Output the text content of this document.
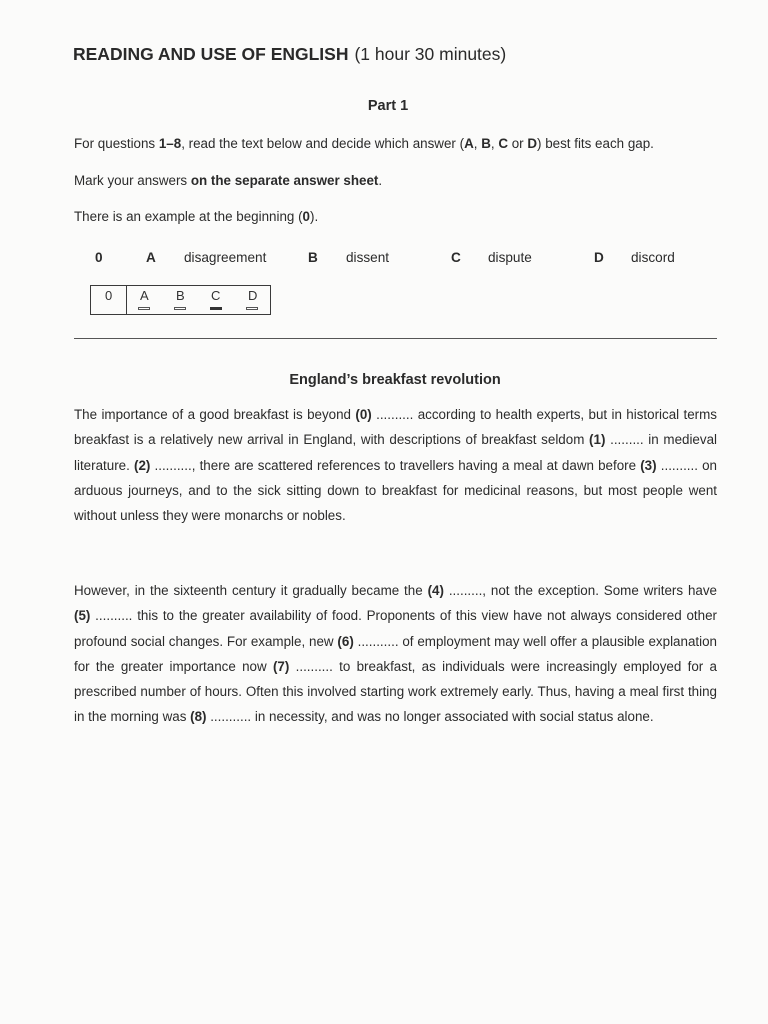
READING AND USE OF ENGLISH (1 hour 30 minutes)
Part 1
For questions 1–8, read the text below and decide which answer (A, B, C or D) best fits each gap.
Mark your answers on the separate answer sheet.
There is an example at the beginning (0).
0	A disagreement	B dissent	C dispute	D discord
0 A B C D
England’s breakfast revolution
The importance of a good breakfast is beyond (0) .......... according to health experts, but in historical terms breakfast is a relatively new arrival in England, with descriptions of breakfast seldom (1) ......... in medieval literature. (2) .........., there are scattered references to travellers having a meal at dawn before (3) .......... on arduous journeys, and to the sick sitting down to breakfast for medicinal reasons, but most people went without unless they were monarchs or nobles.
However, in the sixteenth century it gradually became the (4) ........., not the exception. Some writers have (5) .......... this to the greater availability of food. Proponents of this view have not always considered other profound social changes. For example, new (6) ........... of employment may well offer a plausible explanation for the greater importance now (7) .......... to breakfast, as individuals were increasingly employed for a prescribed number of hours. Often this involved starting work extremely early. Thus, having a meal first thing in the morning was (8) ........... in necessity, and was no longer associated with social status alone.
